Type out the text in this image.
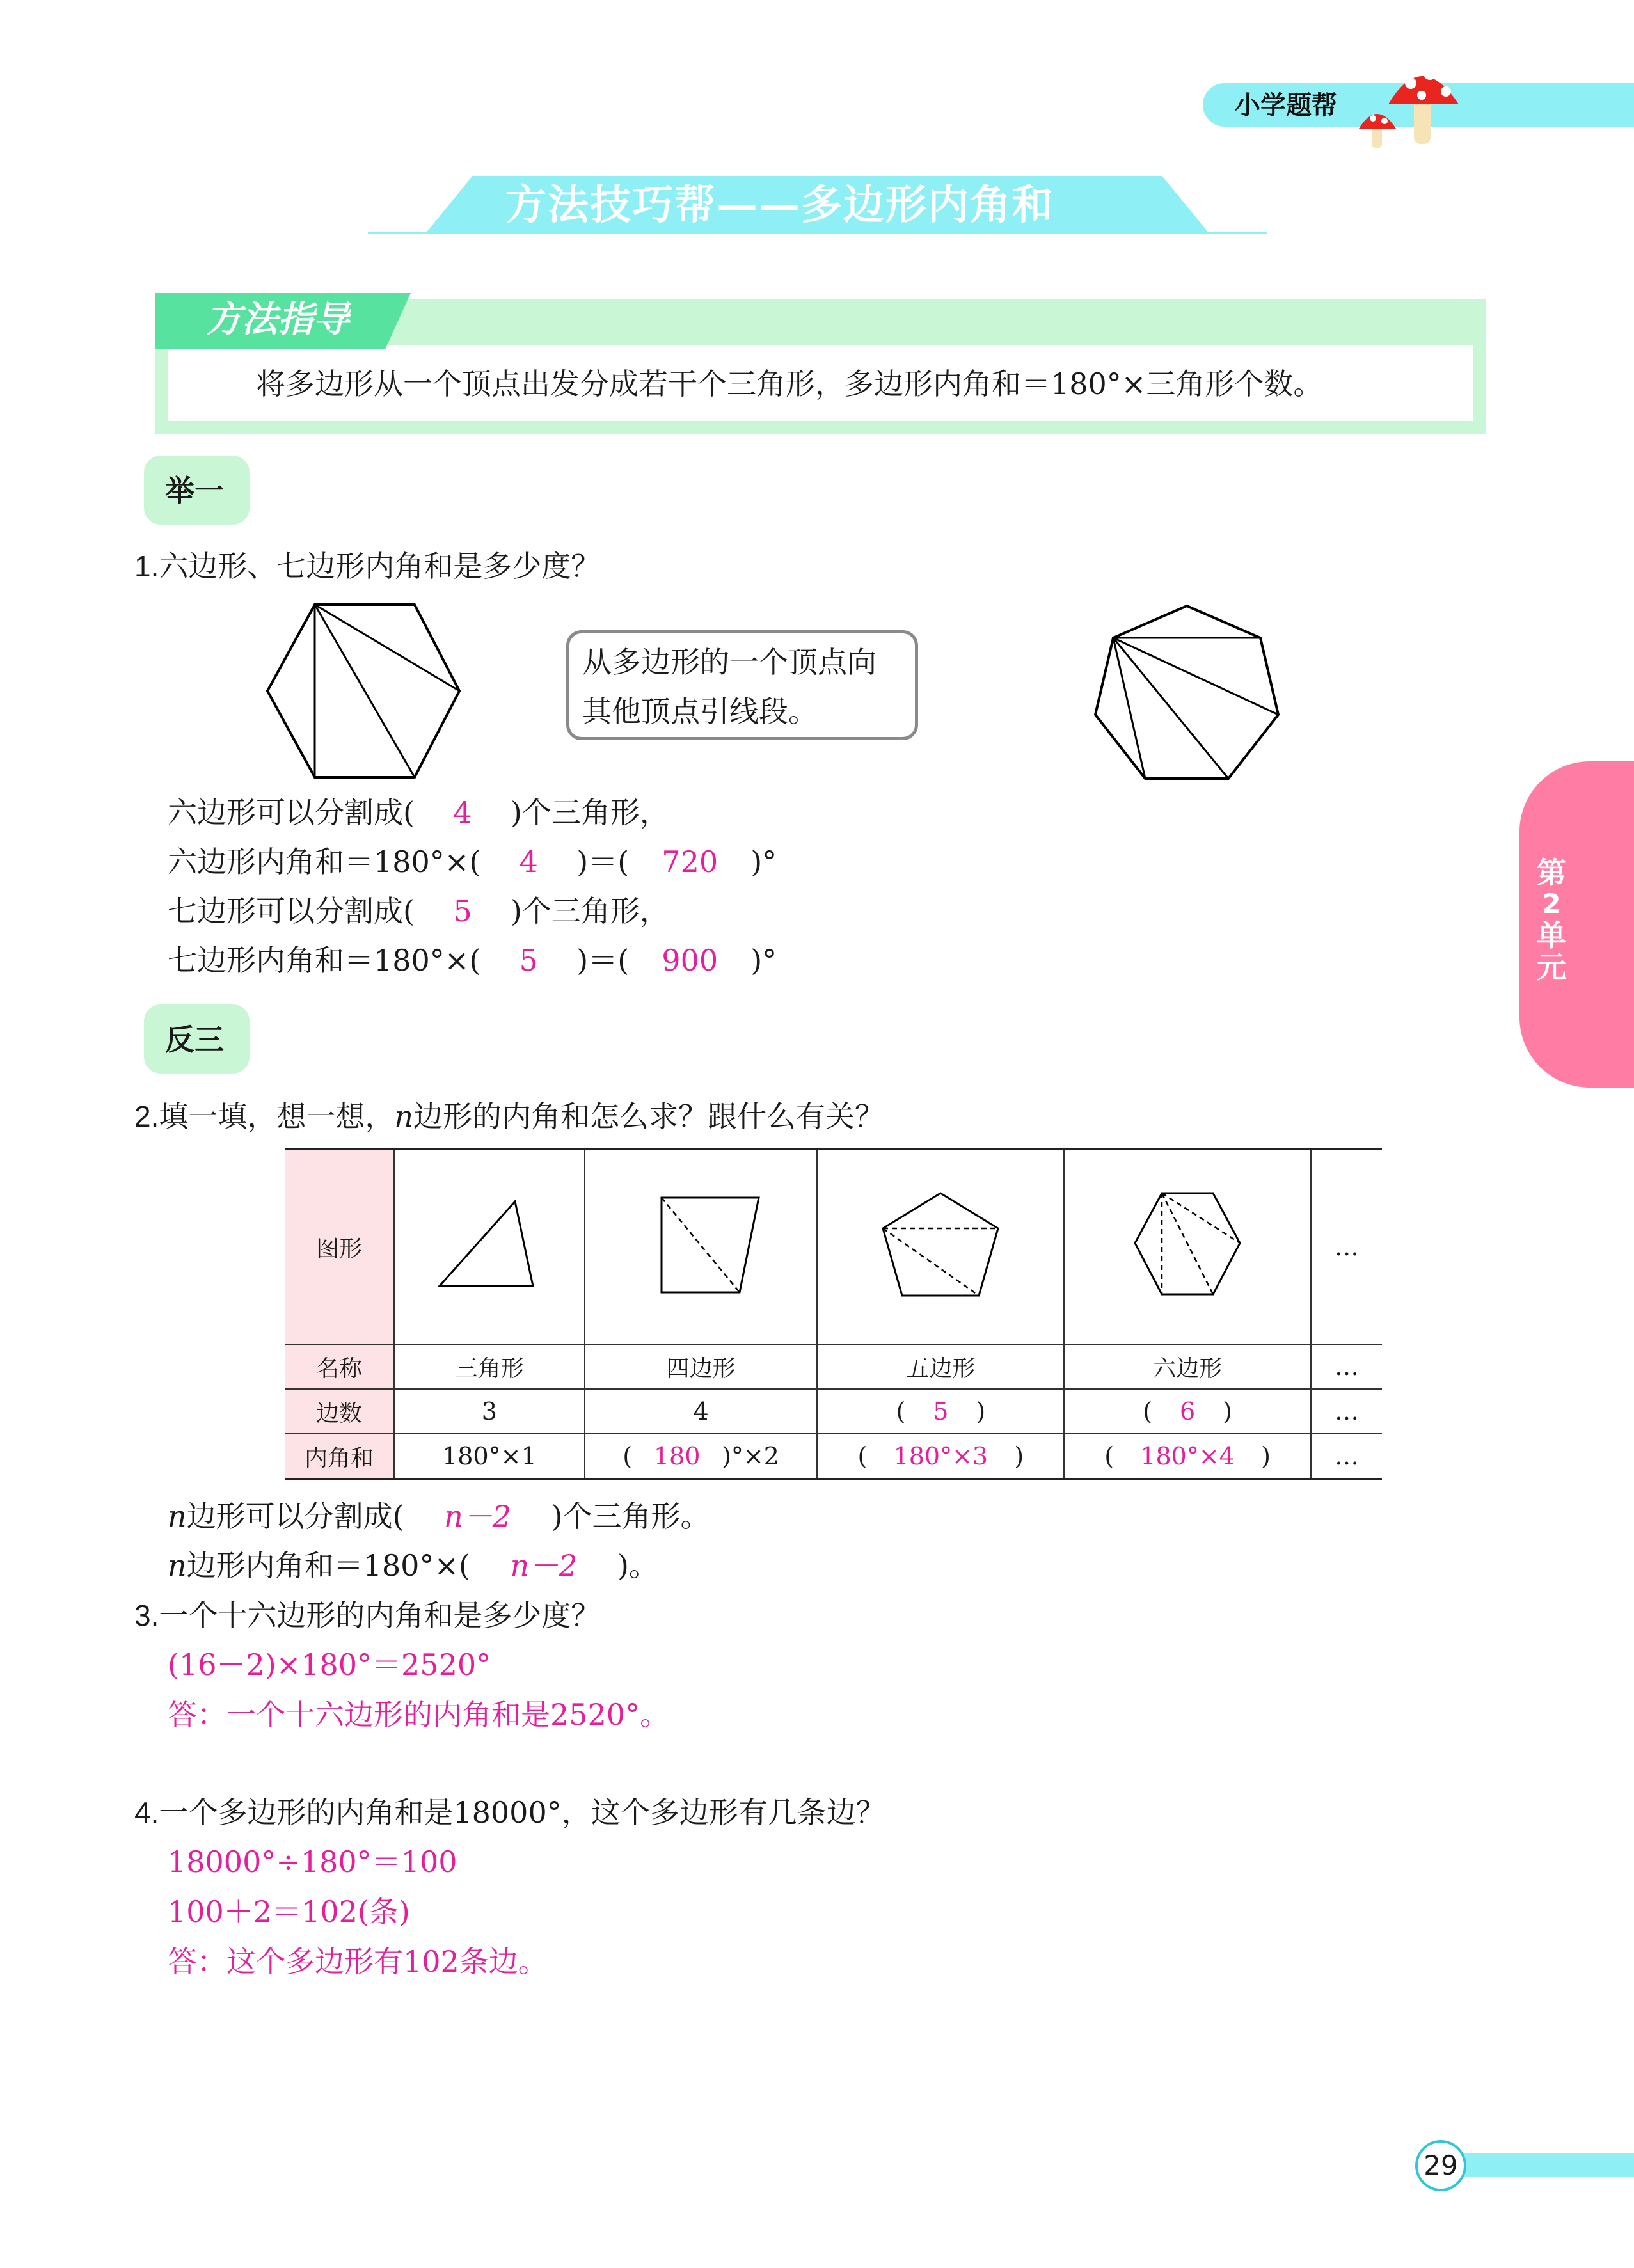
小学题帮
方法技巧帮——多边形内角和
方法指导
将多边形从一个顶点出发分成若干个三角形，多边形内角和＝180°×三角形个数。
举一
1.六边形、七边形内角和是多少度？
从多边形的一个顶点向
其他顶点引线段。
六边形可以分割成( 4 )个三角形，
六边形内角和＝180°×( 4 )＝( 720 )°
七边形可以分割成( 5 )个三角形，
七边形内角和＝180°×( 5 )＝( 900 )°
反三
2.填一填，想一想，n边形的内角和怎么求？跟什么有关？
图形					…
名称	三角形	四边形	五边形	六边形	…
边数	3	4	( 5 )	( 6 )	…
内角和	180°×1	( 180 )°×2	( 180°×3 )	( 180°×4 )	…
n边形可以分割成( n－2 )个三角形。
n边形内角和＝180°×( n－2 )。
3.一个十六边形的内角和是多少度？
(16－2)×180°＝2520°
答：一个十六边形的内角和是2520°。
4.一个多边形的内角和是18000°，这个多边形有几条边？
18000°÷180°＝100
100＋2＝102(条)
答：这个多边形有102条边。
第
2
单
元
29
